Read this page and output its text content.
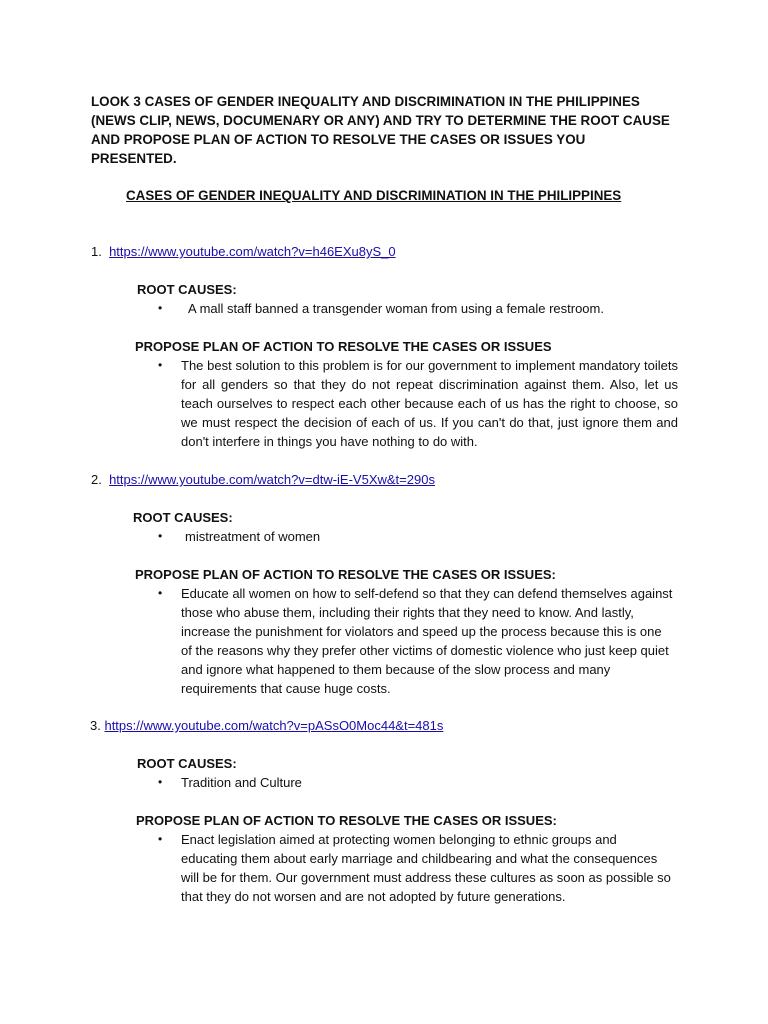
LOOK 3 CASES OF GENDER INEQUALITY AND DISCRIMINATION IN THE PHILIPPINES (NEWS CLIP, NEWS, DOCUMENARY OR ANY) AND TRY TO DETERMINE THE ROOT CAUSE AND PROPOSE PLAN OF ACTION TO RESOLVE THE CASES OR ISSUES YOU PRESENTED.
CASES OF GENDER INEQUALITY AND DISCRIMINATION IN THE PHILIPPINES
1. https://www.youtube.com/watch?v=h46EXu8yS_0
ROOT CAUSES:
• A mall staff banned a transgender woman from using a female restroom.
PROPOSE PLAN OF ACTION TO RESOLVE THE CASES OR ISSUES
• The best solution to this problem is for our government to implement mandatory toilets for all genders so that they do not repeat discrimination against them. Also, let us teach ourselves to respect each other because each of us has the right to choose, so we must respect the decision of each of us. If you can't do that, just ignore them and don't interfere in things you have nothing to do with.
2. https://www.youtube.com/watch?v=dtw-iE-V5Xw&t=290s
ROOT CAUSES:
• mistreatment of women
PROPOSE PLAN OF ACTION TO RESOLVE THE CASES OR ISSUES:
• Educate all women on how to self-defend so that they can defend themselves against those who abuse them, including their rights that they need to know. And lastly, increase the punishment for violators and speed up the process because this is one of the reasons why they prefer other victims of domestic violence who just keep quiet and ignore what happened to them because of the slow process and many requirements that cause huge costs.
3. https://www.youtube.com/watch?v=pASsO0Moc44&t=481s
ROOT CAUSES:
• Tradition and Culture
PROPOSE PLAN OF ACTION TO RESOLVE THE CASES OR ISSUES:
• Enact legislation aimed at protecting women belonging to ethnic groups and educating them about early marriage and childbearing and what the consequences will be for them. Our government must address these cultures as soon as possible so that they do not worsen and are not adopted by future generations.
